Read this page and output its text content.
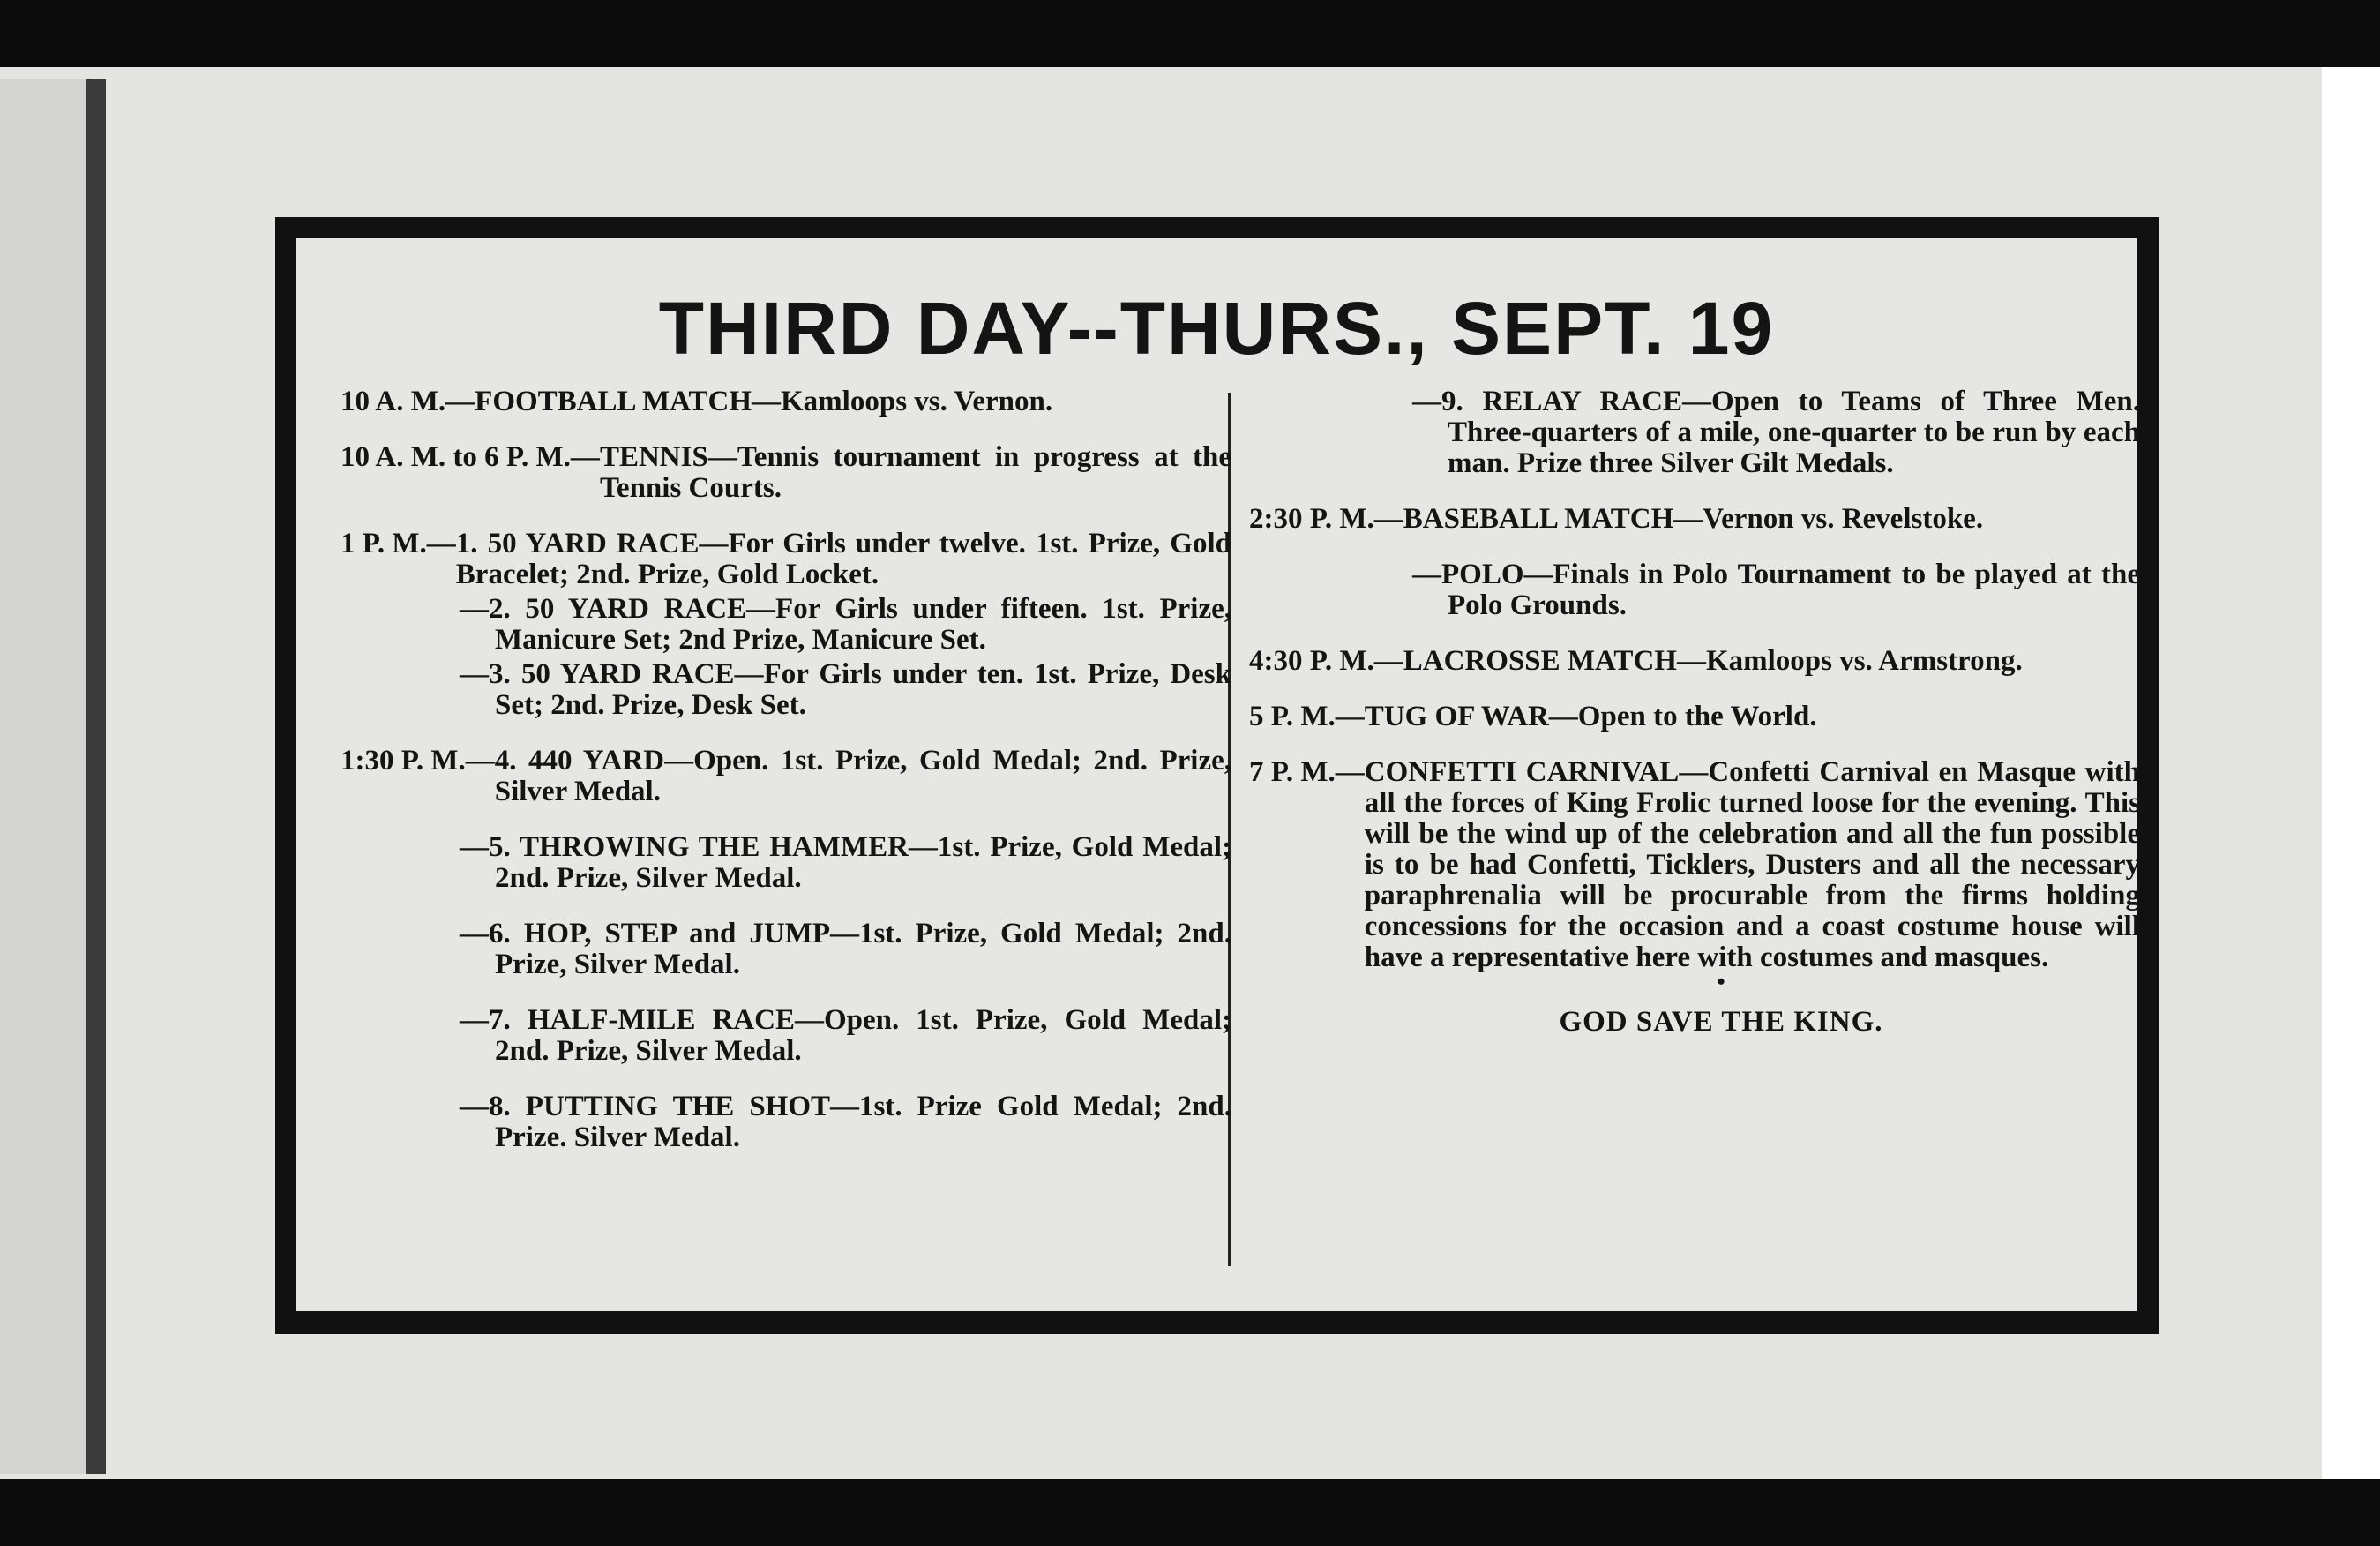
THIRD DAY--THURS., SEPT. 19
10 A. M.— FOOTBALL MATCH—Kamloops vs. Vernon.
10 A. M. to 6 P. M.— TENNIS—Tennis tournament in progress at the Tennis Courts.
1 P. M.— 1. 50 YARD RACE—For Girls under twelve. 1st. Prize, Gold Bracelet; 2nd. Prize, Gold Locket.
—2. 50 YARD RACE—For Girls under fifteen. 1st. Prize, Manicure Set; 2nd Prize, Manicure Set.
—3. 50 YARD RACE—For Girls under ten. 1st. Prize, Desk Set; 2nd. Prize, Desk Set.
1:30 P. M.— 4. 440 YARD—Open. 1st. Prize, Gold Medal; 2nd. Prize, Silver Medal.
—5. THROWING THE HAMMER—1st. Prize, Gold Medal; 2nd. Prize, Silver Medal.
—6. HOP, STEP and JUMP—1st. Prize, Gold Medal; 2nd. Prize, Silver Medal.
—7. HALF-MILE RACE—Open. 1st. Prize, Gold Medal; 2nd. Prize, Silver Medal.
—8. PUTTING THE SHOT—1st. Prize Gold Medal; 2nd. Prize. Silver Medal.
—9. RELAY RACE—Open to Teams of Three Men. Three-quarters of a mile, one-quarter to be run by each man. Prize three Silver Gilt Medals.
2:30 P. M.— BASEBALL MATCH—Vernon vs. Revelstoke.
—POLO—Finals in Polo Tournament to be played at the Polo Grounds.
4:30 P. M.— LACROSSE MATCH—Kamloops vs. Armstrong.
5 P. M.— TUG OF WAR—Open to the World.
7 P. M.— CONFETTI CARNIVAL—Confetti Carnival en Masque with all the forces of King Frolic turned loose for the evening. This will be the wind up of the celebration and all the fun possible is to be had Confetti, Ticklers, Dusters and all the necessary paraphrenalia will be procurable from the firms holding concessions for the occasion and a coast costume house will have a representative here with costumes and masques.
•
GOD SAVE THE KING.
